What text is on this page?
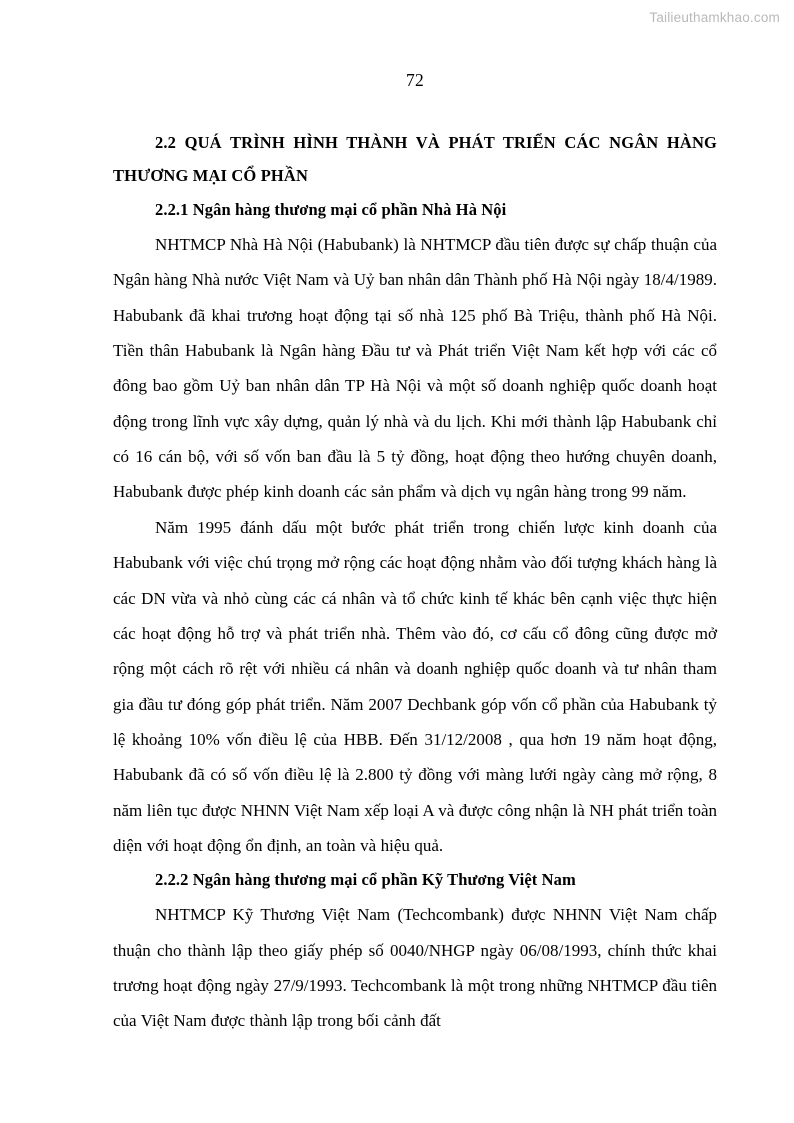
Tailieuthamkhao.com
72
2.2 QUÁ TRÌNH HÌNH THÀNH VÀ PHÁT TRIỂN CÁC NGÂN HÀNG THƯƠNG MẠI CỔ PHẦN
2.2.1 Ngân hàng thương mại cổ phần Nhà Hà Nội

NHTMCP Nhà Hà Nội (Habubank) là NHTMCP đầu tiên được sự chấp thuận của Ngân hàng Nhà nước Việt Nam và Uỷ ban nhân dân Thành phố Hà Nội ngày 18/4/1989. Habubank đã khai trương hoạt động tại số nhà 125 phố Bà Triệu, thành phố Hà Nội. Tiền thân Habubank là Ngân hàng Đầu tư và Phát triển Việt Nam kết hợp với các cổ đông bao gồm Uỷ ban nhân dân TP Hà Nội và một số doanh nghiệp quốc doanh hoạt động trong lĩnh vực xây dựng, quản lý nhà và du lịch. Khi mới thành lập Habubank chỉ có 16 cán bộ, với số vốn ban đầu là 5 tỷ đồng, hoạt động theo hướng chuyên doanh, Habubank được phép kinh doanh các sản phẩm và dịch vụ ngân hàng trong 99 năm.

Năm 1995 đánh dấu một bước phát triển trong chiến lược kinh doanh của Habubank với việc chú trọng mở rộng các hoạt động nhằm vào đối tượng khách hàng là các DN vừa và nhỏ cùng các cá nhân và tổ chức kinh tế khác bên cạnh việc thực hiện các hoạt động hỗ trợ và phát triển nhà. Thêm vào đó, cơ cấu cổ đông cũng được mở rộng một cách rõ rệt với nhiều cá nhân và doanh nghiệp quốc doanh và tư nhân tham gia đầu tư đóng góp phát triển. Năm 2007 Dechbank góp vốn cổ phần của Habubank tỷ lệ khoảng 10% vốn điều lệ của HBB. Đến 31/12/2008 , qua hơn 19 năm hoạt động, Habubank đã có số vốn điều lệ là 2.800 tỷ đồng với màng lưới ngày càng mở rộng, 8 năm liên tục được NHNN Việt Nam xếp loại A và được công nhận là NH phát triển toàn diện với hoạt động ổn định, an toàn và hiệu quả.

2.2.2 Ngân hàng thương mại cổ phần Kỹ Thương Việt Nam

NHTMCP Kỹ Thương Việt Nam (Techcombank) được NHNN Việt Nam chấp thuận cho thành lập theo giấy phép số 0040/NHGP ngày 06/08/1993, chính thức khai trương hoạt động ngày 27/9/1993. Techcombank là một trong những NHTMCP đầu tiên của Việt Nam được thành lập trong bối cảnh đất
